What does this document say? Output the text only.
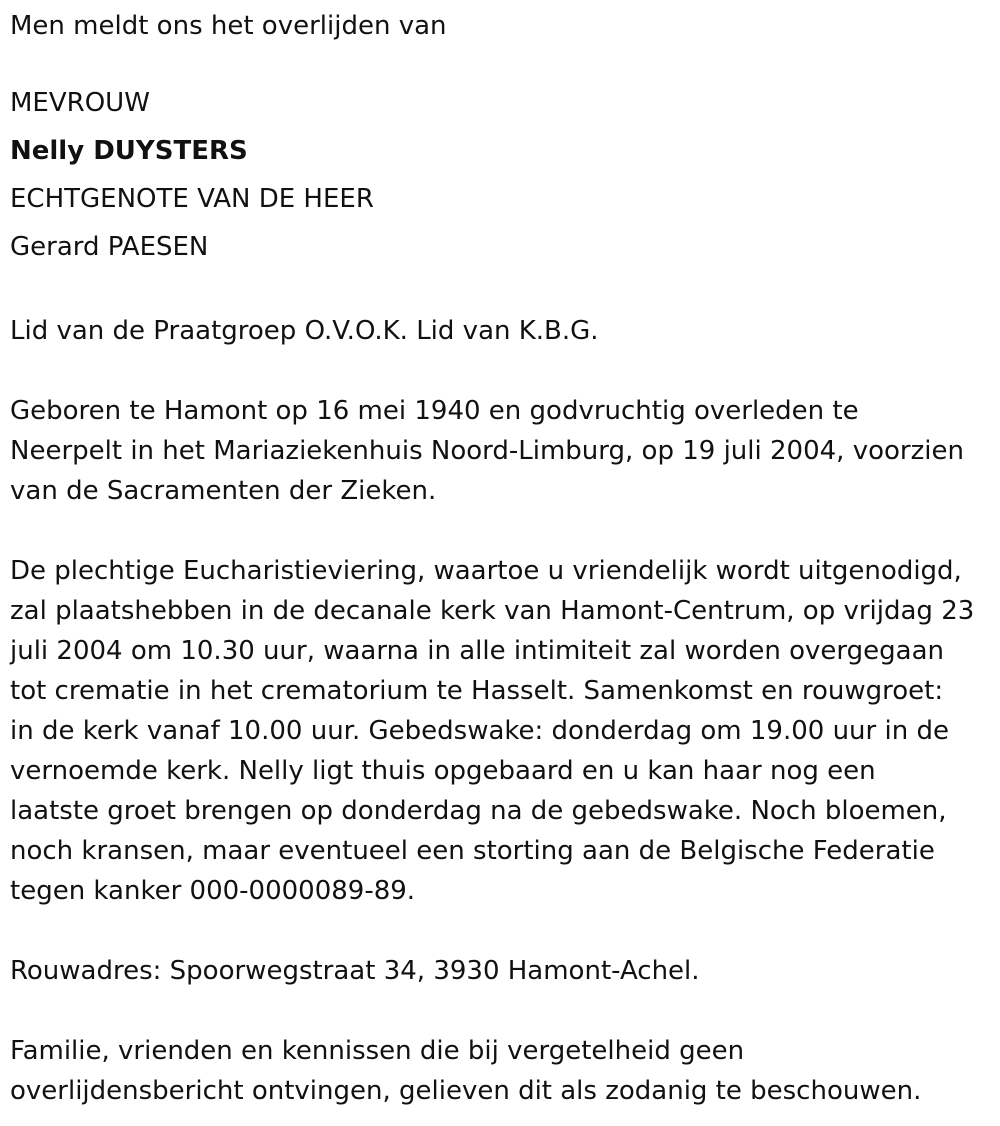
Men meldt ons het overlijden van

MEVROUW

Nelly DUYSTERS

ECHTGENOTE VAN DE HEER

Gerard PAESEN

Lid van de Praatgroep O.V.O.K. Lid van K.B.G.

Geboren te Hamont op 16 mei 1940 en godvruchtig overleden te

Neerpelt in het Mariaziekenhuis Noord-Limburg, op 19 juli 2004, voorzien

van de Sacramenten der Zieken.

De plechtige Eucharistieviering, waartoe u vriendelijk wordt uitgenodigd,

zal plaatshebben in de decanale kerk van Hamont-Centrum, op vrijdag 23

juli 2004 om 10.30 uur, waarna in alle intimiteit zal worden overgegaan

tot crematie in het crematorium te Hasselt. Samenkomst en rouwgroet:

in de kerk vanaf 10.00 uur. Gebedswake: donderdag om 19.00 uur in de

vernoemde kerk. Nelly ligt thuis opgebaard en u kan haar nog een

laatste groet brengen op donderdag na de gebedswake. Noch bloemen,

noch kransen, maar eventueel een storting aan de Belgische Federatie

tegen kanker 000-0000089-89.

Rouwadres: Spoorwegstraat 34, 3930 Hamont-Achel.

Familie, vrienden en kennissen die bij vergetelheid geen

overlijdensbericht ontvingen, gelieven dit als zodanig te beschouwen.
